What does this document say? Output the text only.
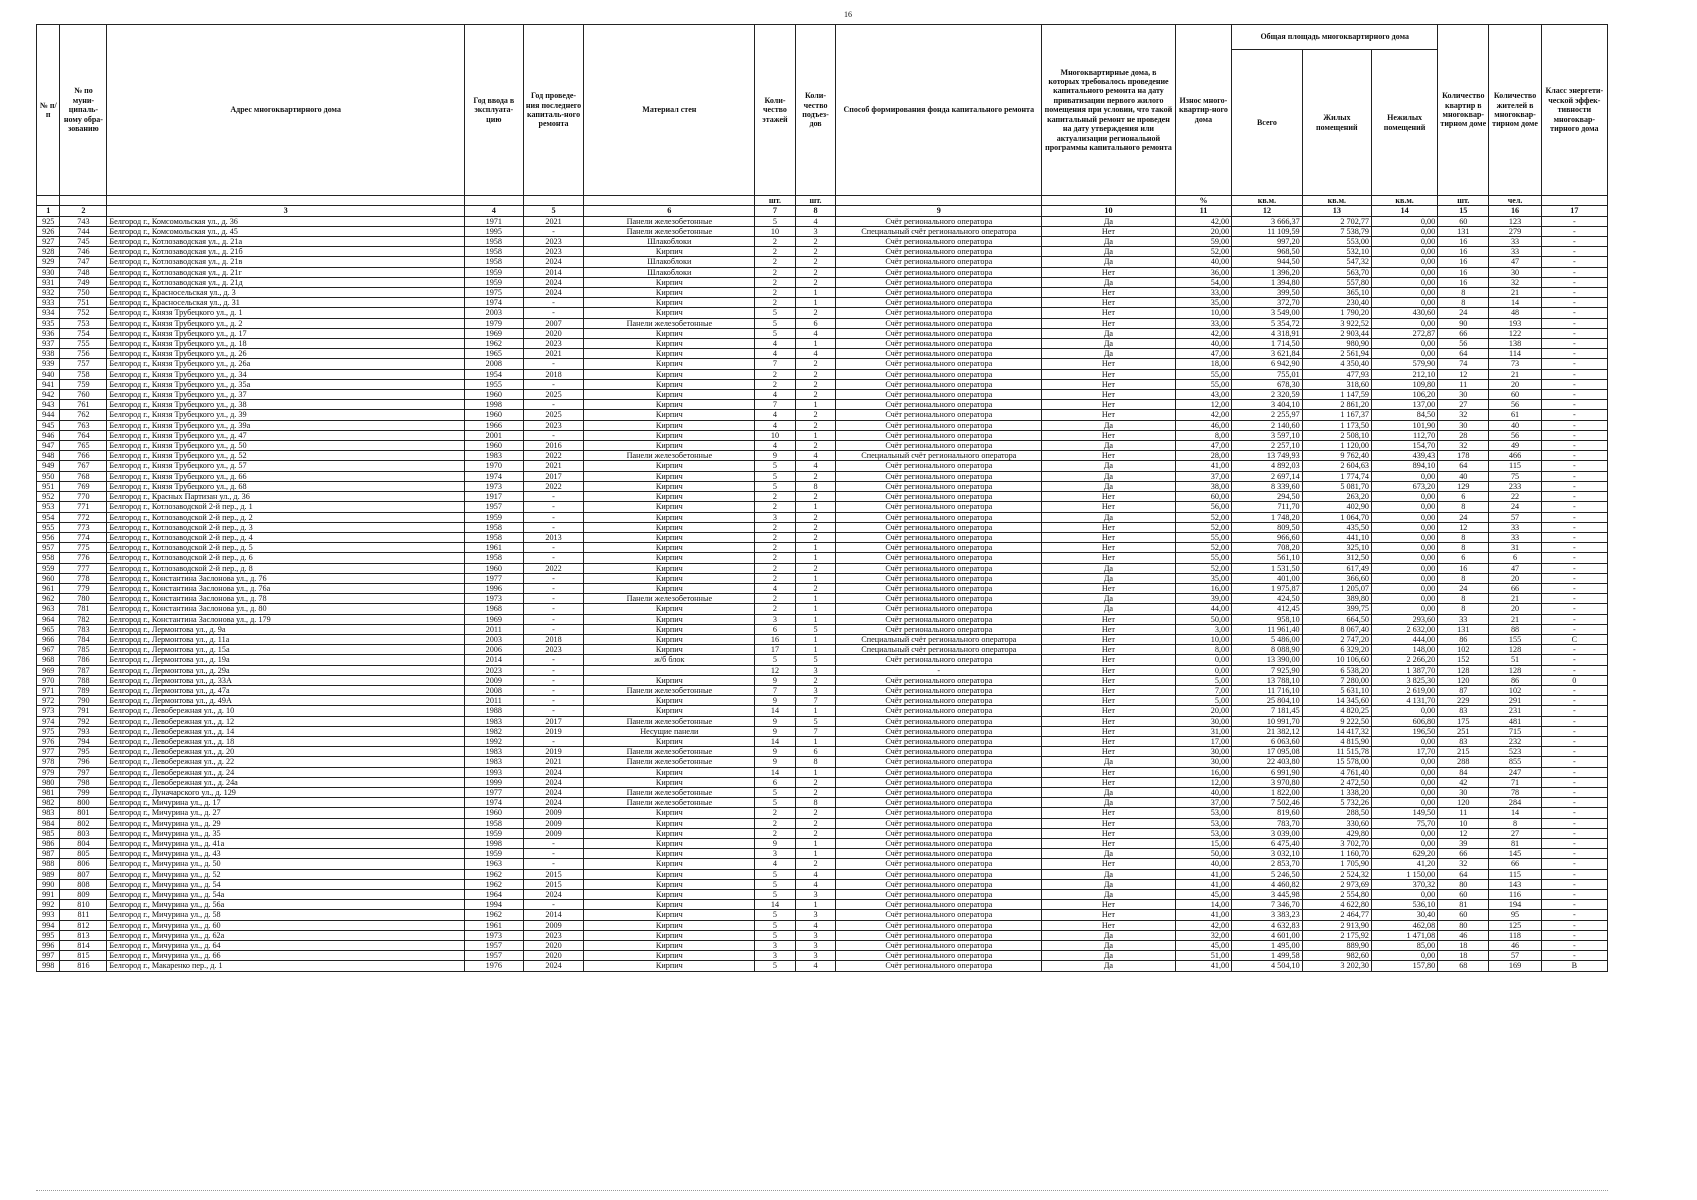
16
№ п/п	№ по муни-ципаль-ному обра-зованию	Адрес многоквартирного дома	Год ввода в эксплуата-цию	Год проведе-ния последнего капиталь-ного ремонта	Материал стен	Коли-чество этажей	Коли-чество подъез-дов	Способ формирования фонда капитального ремонта	Многоквартирные дома, в которых требовалось проведение капитального ремонта на дату приватизации первого жилого помещения при условии, что такой капитальный ремонт не проведен на дату утверждения или актуализации региональной программы капитального ремонта	Износ много-квартир-ного дома	Общая площадь многоквартирного дома			Количество квартир в многоквар-тирном доме	Количество жителей в многоквар-тирном доме	Класс энергети-ческой эффек-тивности многоквар-тирного дома
											Всего	Жилых помещений	Нежилых помещений			
						шт.	шт.			%	кв.м.	кв.м.	кв.м.	шт.	чел.	
1	2	3	4	5	6	7	8	9	10	11	12	13	14	15	16	17
925	743	Белгород г., Комсомольская ул., д. 36	1971	2021	Панели железобетонные	5	4	Счёт регионального оператора	Да	42,00	3 666,37	2 702,77	0,00	60	123	-
926	744	Белгород г., Комсомольская ул., д. 45	1995	-	Панели железобетонные	10	3	Специальный счёт регионального оператора	Нет	20,00	11 109,59	7 538,79	0,00	131	279	-
927	745	Белгород г., Котлозаводская ул., д. 21а	1958	2023	Шлакоблоки	2	2	Счёт регионального оператора	Да	59,00	997,20	553,00	0,00	16	33	-
928	746	Белгород г., Котлозаводская ул., д. 21б	1958	2023	Кирпич	2	2	Счёт регионального оператора	Да	52,00	968,50	532,10	0,00	16	33	-
929	747	Белгород г., Котлозаводская ул., д. 21в	1958	2024	Шлакоблоки	2	2	Счёт регионального оператора	Да	40,00	944,50	547,32	0,00	16	47	-
930	748	Белгород г., Котлозаводская ул., д. 21г	1959	2014	Шлакоблоки	2	2	Счёт регионального оператора	Нет	36,00	1 396,20	563,70	0,00	16	30	-
931	749	Белгород г., Котлозаводская ул., д. 21д	1959	2024	Кирпич	2	2	Счёт регионального оператора	Да	54,00	1 394,80	557,80	0,00	16	32	-
932	750	Белгород г., Красносельская ул., д. 3	1975	2024	Кирпич	2	1	Счёт регионального оператора	Нет	33,00	399,50	365,10	0,00	8	21	-
933	751	Белгород г., Красносельская ул., д. 31	1974	-	Кирпич	2	1	Счёт регионального оператора	Нет	35,00	372,70	230,40	0,00	8	14	-
934	752	Белгород г., Князя Трубецкого ул., д. 1	2003	-	Кирпич	5	2	Счёт регионального оператора	Нет	10,00	3 549,00	1 790,20	430,60	24	48	-
935	753	Белгород г., Князя Трубецкого ул., д. 2	1979	2007	Панели железобетонные	5	6	Счёт регионального оператора	Нет	33,00	5 354,72	3 922,52	0,00	90	193	-
936	754	Белгород г., Князя Трубецкого ул., д. 17	1969	2020	Кирпич	5	4	Счёт регионального оператора	Да	42,00	4 318,91	2 903,44	272,87	66	122	-
937	755	Белгород г., Князя Трубецкого ул., д. 18	1962	2023	Кирпич	4	1	Счёт регионального оператора	Да	40,00	1 714,50	980,90	0,00	56	138	-
938	756	Белгород г., Князя Трубецкого ул., д. 26	1965	2021	Кирпич	4	4	Счёт регионального оператора	Да	47,00	3 621,84	2 561,94	0,00	64	114	-
939	757	Белгород г., Князя Трубецкого ул., д. 26а	2008	-	Кирпич	7	2	Счёт регионального оператора	Нет	18,00	6 942,90	4 350,40	579,90	74	73	-
940	758	Белгород г., Князя Трубецкого ул., д. 34	1954	2018	Кирпич	2	2	Счёт регионального оператора	Нет	55,00	755,01	477,93	212,10	12	21	-
941	759	Белгород г., Князя Трубецкого ул., д. 35а	1955	-	Кирпич	2	2	Счёт регионального оператора	Нет	55,00	678,30	318,60	109,80	11	20	-
942	760	Белгород г., Князя Трубецкого ул., д. 37	1960	2025	Кирпич	4	2	Счёт регионального оператора	Нет	43,00	2 320,59	1 147,59	106,20	30	60	-
943	761	Белгород г., Князя Трубецкого ул., д. 38	1998	-	Кирпич	7	1	Счёт регионального оператора	Нет	12,00	3 404,10	2 861,20	137,00	27	56	-
944	762	Белгород г., Князя Трубецкого ул., д. 39	1960	2025	Кирпич	4	2	Счёт регионального оператора	Нет	42,00	2 255,97	1 167,37	84,50	32	61	-
945	763	Белгород г., Князя Трубецкого ул., д. 39а	1966	2023	Кирпич	4	2	Счёт регионального оператора	Да	46,00	2 140,60	1 173,50	101,90	30	40	-
946	764	Белгород г., Князя Трубецкого ул., д. 47	2001	-	Кирпич	10	1	Счёт регионального оператора	Нет	8,00	3 597,10	2 508,10	112,70	28	56	-
947	765	Белгород г., Князя Трубецкого ул., д. 50	1960	2016	Кирпич	4	2	Счёт регионального оператора	Да	47,00	2 257,10	1 120,00	154,70	32	49	-
948	766	Белгород г., Князя Трубецкого ул., д. 52	1983	2022	Панели железобетонные	9	4	Специальный счёт регионального оператора	Нет	28,00	13 749,93	9 762,40	439,43	178	466	-
949	767	Белгород г., Князя Трубецкого ул., д. 57	1970	2021	Кирпич	5	4	Счёт регионального оператора	Да	41,00	4 892,03	2 604,63	894,10	64	115	-
950	768	Белгород г., Князя Трубецкого ул., д. 66	1974	2017	Кирпич	5	2	Счёт регионального оператора	Да	37,00	2 697,14	1 774,74	0,00	40	75	-
951	769	Белгород г., Князя Трубецкого ул., д. 68	1973	2022	Кирпич	5	8	Счёт регионального оператора	Да	38,00	8 339,60	5 081,70	673,20	129	233	-
952	770	Белгород г., Красных Партизан ул., д. 36	1917	-	Кирпич	2	2	Счёт регионального оператора	Нет	60,00	294,50	263,20	0,00	6	22	-
953	771	Белгород г., Котлозаводской 2-й пер., д. 1	1957	-	Кирпич	2	1	Счёт регионального оператора	Нет	56,00	711,70	402,90	0,00	8	24	-
954	772	Белгород г., Котлозаводской 2-й пер., д. 2	1959	-	Кирпич	3	2	Счёт регионального оператора	Да	52,00	1 748,20	1 064,70	0,00	24	57	-
955	773	Белгород г., Котлозаводской 2-й пер., д. 3	1958	-	Кирпич	2	2	Счёт регионального оператора	Нет	52,00	809,50	435,50	0,00	12	33	-
956	774	Белгород г., Котлозаводской 2-й пер., д. 4	1958	2013	Кирпич	2	2	Счёт регионального оператора	Нет	55,00	966,60	441,10	0,00	8	33	-
957	775	Белгород г., Котлозаводской 2-й пер., д. 5	1961	-	Кирпич	2	1	Счёт регионального оператора	Нет	52,00	708,20	325,10	0,00	8	31	-
958	776	Белгород г., Котлозаводской 2-й пер., д. 6	1958	-	Кирпич	2	1	Счёт регионального оператора	Нет	55,00	561,10	312,50	0,00	6	6	-
959	777	Белгород г., Котлозаводской 2-й пер., д. 8	1960	2022	Кирпич	2	2	Счёт регионального оператора	Да	52,00	1 531,50	617,49	0,00	16	47	-
960	778	Белгород г., Константина Заслонова ул., д. 76	1977	-	Кирпич	2	1	Счёт регионального оператора	Да	35,00	401,00	366,60	0,00	8	20	-
961	779	Белгород г., Константина Заслонова ул., д. 76а	1996	-	Кирпич	4	2	Счёт регионального оператора	Нет	16,00	1 975,87	1 205,07	0,00	24	66	-
962	780	Белгород г., Константина Заслонова ул., д. 78	1973	-	Панели железобетонные	2	1	Счёт регионального оператора	Да	39,00	424,50	389,80	0,00	8	21	-
963	781	Белгород г., Константина Заслонова ул., д. 80	1968	-	Кирпич	2	1	Счёт регионального оператора	Да	44,00	412,45	399,75	0,00	8	20	-
964	782	Белгород г., Константина Заслонова ул., д. 179	1969	-	Кирпич	3	1	Счёт регионального оператора	Нет	50,00	958,10	664,50	293,60	33	21	-
965	783	Белгород г., Лермонтова ул., д. 9а	2011	-	Кирпич	6	5	Счёт регионального оператора	Нет	3,00	11 961,40	8 067,40	2 632,00	131	88	-
966	784	Белгород г., Лермонтова ул., д. 11а	2003	2018	Кирпич	16	1	Специальный счёт регионального оператора	Нет	10,00	5 486,00	2 747,20	444,00	86	155	C
967	785	Белгород г., Лермонтова ул., д. 15а	2006	2023	Кирпич	17	1	Специальный счёт регионального оператора	Нет	8,00	8 088,90	6 329,20	148,00	102	128	-
968	786	Белгород г., Лермонтова ул., д. 19а	2014	-	ж/б блок	5	5	Счёт регионального оператора	Нет	0,00	13 390,00	10 106,60	2 266,20	152	51	-
969	787	Белгород г., Лермонтова ул., д. 29а	2023	-		12	3	-	Нет	0,00	7 925,90	6 538,20	1 387,70	128	128	-
970	788	Белгород г., Лермонтова ул., д. 33А	2009	-	Кирпич	9	2	Счёт регионального оператора	Нет	5,00	13 788,10	7 280,00	3 825,30	120	86	0
971	789	Белгород г., Лермонтова ул., д. 47а	2008	-	Панели железобетонные	7	3	Счёт регионального оператора	Нет	7,00	11 716,10	5 631,10	2 619,00	87	102	-
972	790	Белгород г., Лермонтова ул., д. 49А	2011	-	Кирпич	9	7	Счёт регионального оператора	Нет	5,00	25 804,10	14 345,60	4 131,70	229	291	-
973	791	Белгород г., Левобережная ул., д. 10	1988	-	Кирпич	14	1	Счёт регионального оператора	Нет	20,00	7 181,45	4 820,25	0,00	83	231	-
974	792	Белгород г., Левобережная ул., д. 12	1983	2017	Панели железобетонные	9	5	Счёт регионального оператора	Нет	30,00	10 991,70	9 222,50	606,80	175	481	-
975	793	Белгород г., Левобережная ул., д. 14	1982	2019	Несущие панели	9	7	Счёт регионального оператора	Нет	31,00	21 382,12	14 417,32	196,50	251	715	-
976	794	Белгород г., Левобережная ул., д. 18	1992	-	Кирпич	14	1	Счёт регионального оператора	Нет	17,00	6 063,60	4 815,90	0,00	83	232	-
977	795	Белгород г., Левобережная ул., д. 20	1983	2019	Панели железобетонные	9	6	Счёт регионального оператора	Нет	30,00	17 095,08	11 515,78	17,70	215	523	-
978	796	Белгород г., Левобережная ул., д. 22	1983	2021	Панели железобетонные	9	8	Счёт регионального оператора	Да	30,00	22 403,80	15 578,00	0,00	288	855	-
979	797	Белгород г., Левобережная ул., д. 24	1993	2024	Кирпич	14	1	Счёт регионального оператора	Нет	16,00	6 991,90	4 761,40	0,00	84	247	-
980	798	Белгород г., Левобережная ул., д. 24а	1999	2024	Кирпич	6	2	Счёт регионального оператора	Нет	12,00	3 970,80	2 472,50	0,00	42	71	-
981	799	Белгород г., Луначарского ул., д. 129	1977	2024	Панели железобетонные	5	2	Счёт регионального оператора	Да	40,00	1 822,00	1 338,20	0,00	30	78	-
982	800	Белгород г., Мичурина ул., д. 17	1974	2024	Панели железобетонные	5	8	Счёт регионального оператора	Да	37,00	7 502,46	5 732,26	0,00	120	284	-
983	801	Белгород г., Мичурина ул., д. 27	1960	2009	Кирпич	2	2	Счёт регионального оператора	Нет	53,00	819,60	288,50	149,50	11	14	-
984	802	Белгород г., Мичурина ул., д. 29	1958	2009	Кирпич	2	2	Счёт регионального оператора	Нет	53,00	783,70	330,60	75,70	10	8	-
985	803	Белгород г., Мичурина ул., д. 35	1959	2009	Кирпич	2	2	Счёт регионального оператора	Нет	53,00	3 039,00	429,80	0,00	12	27	-
986	804	Белгород г., Мичурина ул., д. 41а	1998	-	Кирпич	9	1	Счёт регионального оператора	Нет	15,00	6 475,40	3 702,70	0,00	39	81	-
987	805	Белгород г., Мичурина ул., д. 43	1959	-	Кирпич	3	1	Счёт регионального оператора	Да	50,00	3 032,10	1 160,70	629,20	66	145	-
988	806	Белгород г., Мичурина ул., д. 50	1963	-	Кирпич	4	2	Счёт регионального оператора	Нет	40,00	2 853,70	1 705,90	41,20	32	66	-
989	807	Белгород г., Мичурина ул., д. 52	1962	2015	Кирпич	5	4	Счёт регионального оператора	Да	41,00	5 246,50	2 524,32	1 150,00	64	115	-
990	808	Белгород г., Мичурина ул., д. 54	1962	2015	Кирпич	5	4	Счёт регионального оператора	Да	41,00	4 460,82	2 973,69	370,32	80	143	-
991	809	Белгород г., Мичурина ул., д. 54а	1964	2024	Кирпич	5	3	Счёт регионального оператора	Да	45,00	3 445,98	2 554,80	0,00	60	116	-
992	810	Белгород г., Мичурина ул., д. 56а	1994	-	Кирпич	14	1	Счёт регионального оператора	Нет	14,00	7 346,70	4 622,80	536,10	81	194	-
993	811	Белгород г., Мичурина ул., д. 58	1962	2014	Кирпич	5	3	Счёт регионального оператора	Нет	41,00	3 383,23	2 464,77	30,40	60	95	-
994	812	Белгород г., Мичурина ул., д. 60	1961	2009	Кирпич	5	4	Счёт регионального оператора	Нет	42,00	4 632,83	2 913,90	462,08	80	125	-
995	813	Белгород г., Мичурина ул., д. 62а	1973	2023	Кирпич	5	3	Счёт регионального оператора	Да	32,00	4 601,00	2 175,92	1 471,08	46	118	-
996	814	Белгород г., Мичурина ул., д. 64	1957	2020	Кирпич	3	3	Счёт регионального оператора	Да	45,00	1 495,00	889,90	85,00	18	46	-
997	815	Белгород г., Мичурина ул., д. 66	1957	2020	Кирпич	3	3	Счёт регионального оператора	Да	51,00	1 499,58	982,60	0,00	18	57	-
998	816	Белгород г., Макаренко пер., д. 1	1976	2024	Кирпич	5	4	Счёт регионального оператора	Да	41,00	4 504,10	3 202,30	157,80	68	169	В
